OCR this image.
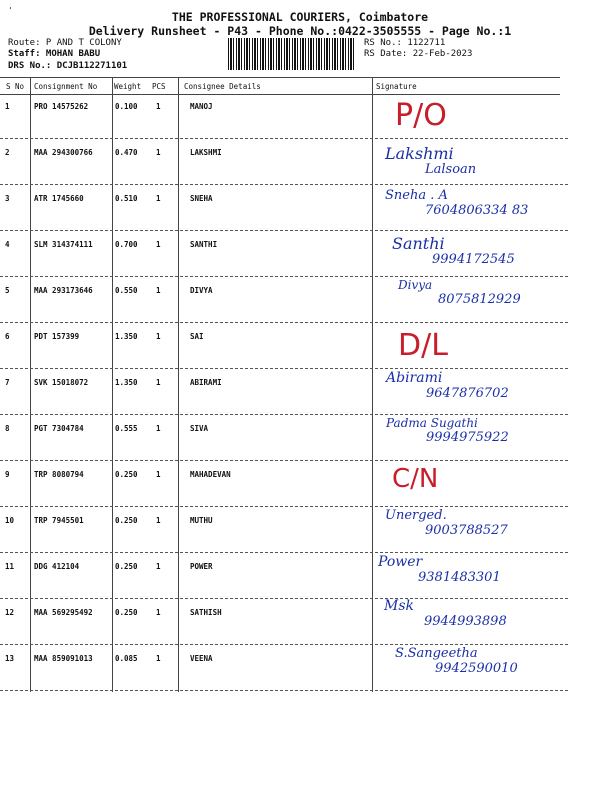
'	THE PROFESSIONAL COURIERS, Coimbatore
Delivery Runsheet - P43 - Phone No.:0422-3505555 - Page No.:1
Route: P AND T COLONY
Staff: MOHAN BABU
DRS No.: DCJB112271101
RS No.: 1122711
RS Date: 22-Feb-2023
S No Consignment No Weight PCS Consignee Details	Signature
1	PRO 14575262	0.100 1	MANOJ	P/O
2	MAA 294300766	0.470 1	LAKSHMI	Lakshmi
Lalsoan
3	ATR 1745660	0.510 1	SNEHA	Sneha . A
7604806334 83
4	SLM 314374111	0.700 1	SANTHI	Santhi
9994172545
5	MAA 293173646	0.550 1	DIVYA	Divya
8075812929
6	PDT 157399	1.350 1	SAI	D/L
7	SVK 15018072	1.350 1	ABIRAMI	Abirami
9647876702
8	PGT 7304784	0.555 1	SIVA	Padma Sugathi
9994975922
9	TRP 8080794	0.250 1	MAHADEVAN	C/N
10	TRP 7945501	0.250 1	MUTHU	Unerged.
9003788527
11	DDG 412104	0.250 1	POWER	Power
9381483301
12	MAA 569295492	0.250 1	SATHISH	Msk
9944993898
13	MAA 859091013	0.085 1	VEENA	S.Sangeetha
9942590010
